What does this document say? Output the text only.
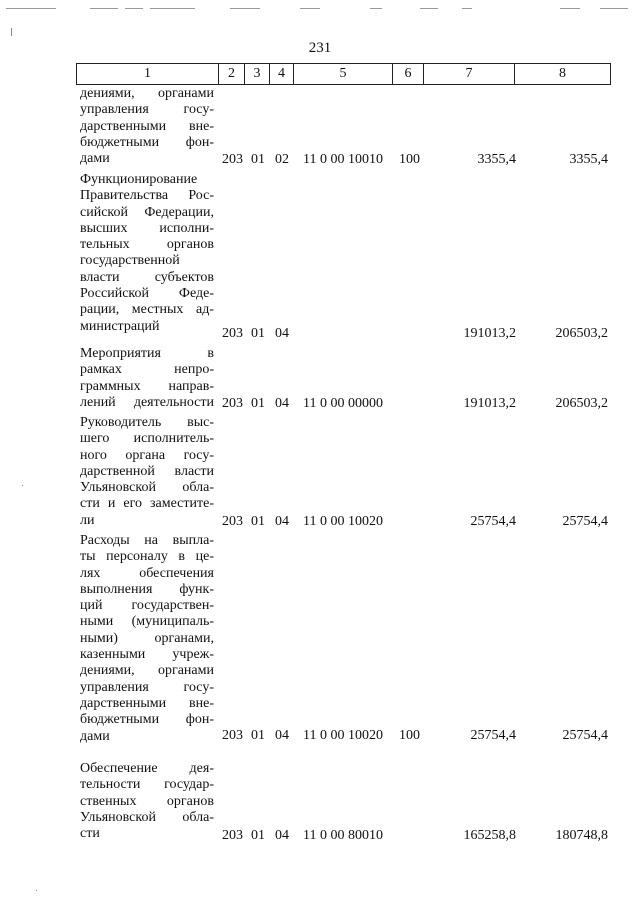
231
1	2	3	4	5	6	7	8
дениями, органами
управления госу-
дарственными вне-
бюджетными фон-
дами	203 01 02 11 0 00 10010 100	3355,4	3355,4
Функционирование
Правительства Рос-
сийской Федерации,
высших исполни-
тельных органов
государственной
власти субъектов
Российской Феде-
рации, местных ад-
министраций	203 01 04	191013,2	206503,2
Мероприятия в
рамках непро-
граммных направ-
лений деятельности 203 01 04 11 0 00 00000	191013,2	206503,2
Руководитель выс-
шего исполнитель-
ного органа госу-
дарственной власти
Ульяновской обла-
сти и его заместите-
ли	203 01 04 11 0 00 10020	25754,4	25754,4
Расходы на выпла-
ты персоналу в це-
лях обеспечения
выполнения функ-
ций государствен-
ными (муниципаль-
ными) органами,
казенными учреж-
дениями, органами
управления госу-
дарственными вне-
бюджетными фон-
дами	203 01 04 11 0 00 10020 100	25754,4	25754,4
Обеспечение дея-
тельности государ-
ственных органов
Ульяновской обла-
сти	203 01 04 11 0 00 80010	165258,8	180748,8
